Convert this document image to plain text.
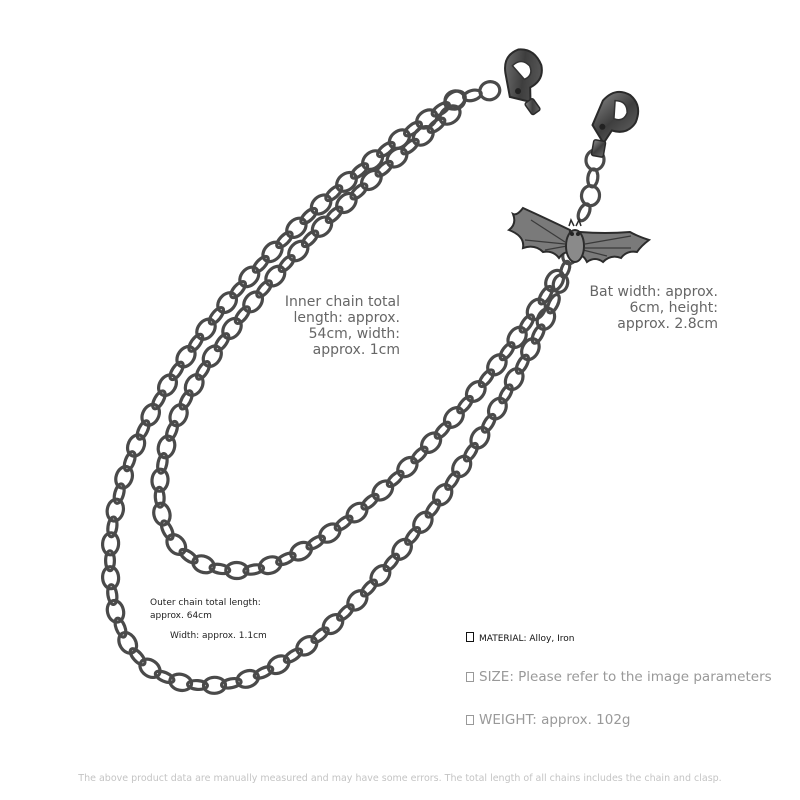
Inner chain total
length: approx.
54cm, width:
approx. 1cm
Bat width: approx.
6cm, height:
approx. 2.8cm
Outer chain total length:
approx. 64cm
Width: approx. 1.1cm	MATERIAL: Alloy, Iron
SIZE: Please refer to the image parameters
WEIGHT: approx. 102g
The above product data are manually measured and may have some errors. The total length of all chains includes the chain and clasp.
